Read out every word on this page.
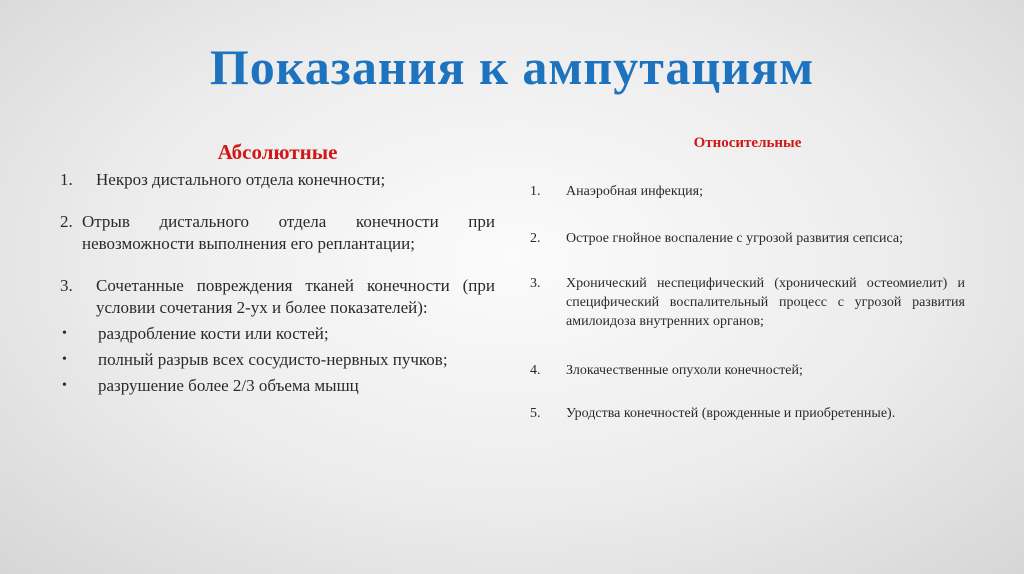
Показания к ампутациям
Абсолютные
1.	Некроз дистального отдела конечности;
2. Отрыв дистального отдела конечности при невозможности выполнения его реплантации;
3.	Сочетанные повреждения тканей конечности (при условии сочетания 2-ух и более показателей):
•	раздробление кости или костей;
•	полный разрыв всех сосудисто-нервных пучков;
•	разрушение более 2/3 объема мышц
Относительные
1.	Анаэробная инфекция;
2.	Острое гнойное воспаление с угрозой развития сепсиса;
3.	Хронический неспецифический (хронический остеомиелит) и специфический воспалительный процесс с угрозой развития амилоидоза внутренних органов;
4.	Злокачественные опухоли конечностей;
5.	Уродства конечностей (врожденные и приобретенные).
